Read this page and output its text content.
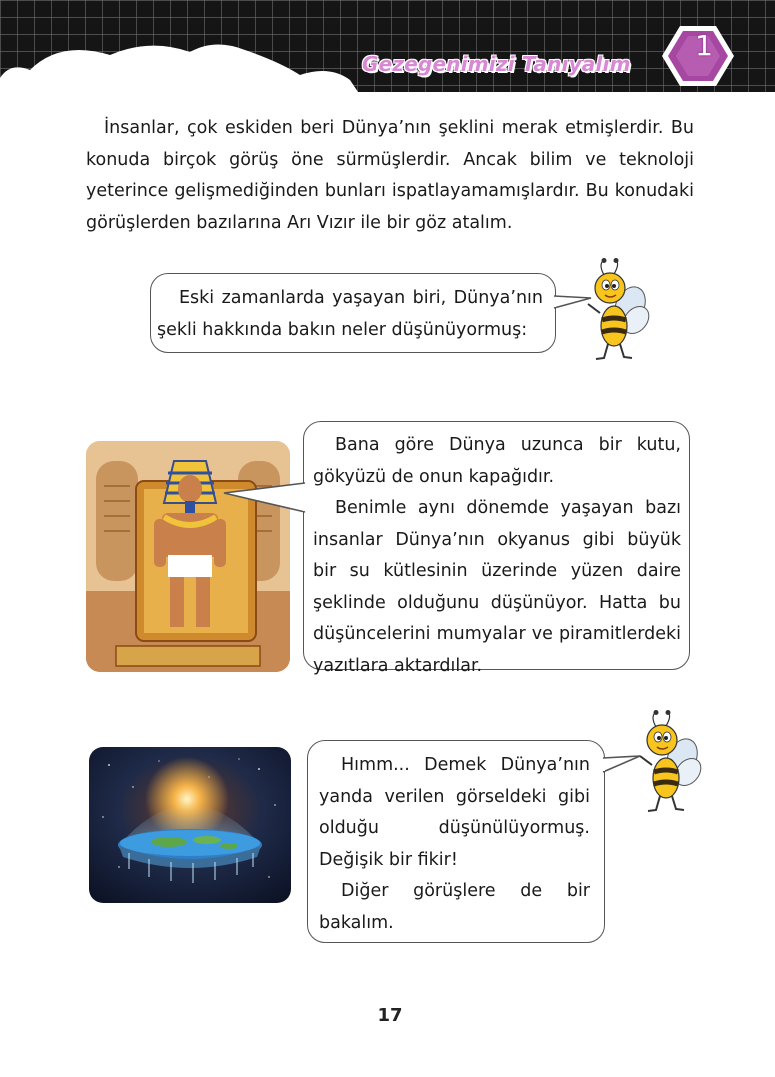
Gezegenimizi Tanıyalım
1

İnsanlar, çok eskiden beri Dünya’nın şeklini merak etmişlerdir. Bu konuda birçok görüş öne sürmüşlerdir. Ancak bilim ve teknoloji yeterince gelişmediğinden bunları ispatlayamamışlardır. Bu konudaki görüşlerden bazılarına Arı Vızır ile bir göz atalım.

Eski zamanlarda yaşayan biri, Dünya’nın şekli hakkında bakın neler düşünüyormuş:

Bana göre Dünya uzunca bir kutu, gökyüzü de onun kapağıdır.

Benimle aynı dönemde yaşayan bazı insanlar Dünya’nın okyanus gibi büyük bir su kütlesinin üzerinde yüzen daire şeklinde olduğunu düşünüyor. Hatta bu düşüncelerini mumyalar ve piramitlerdeki yazıtlara aktardılar.

Hımm... Demek Dünya’nın yanda verilen görseldeki gibi olduğu düşünülüyormuş. Değişik bir fikir!

Diğer görüşlere de bir bakalım.

17
